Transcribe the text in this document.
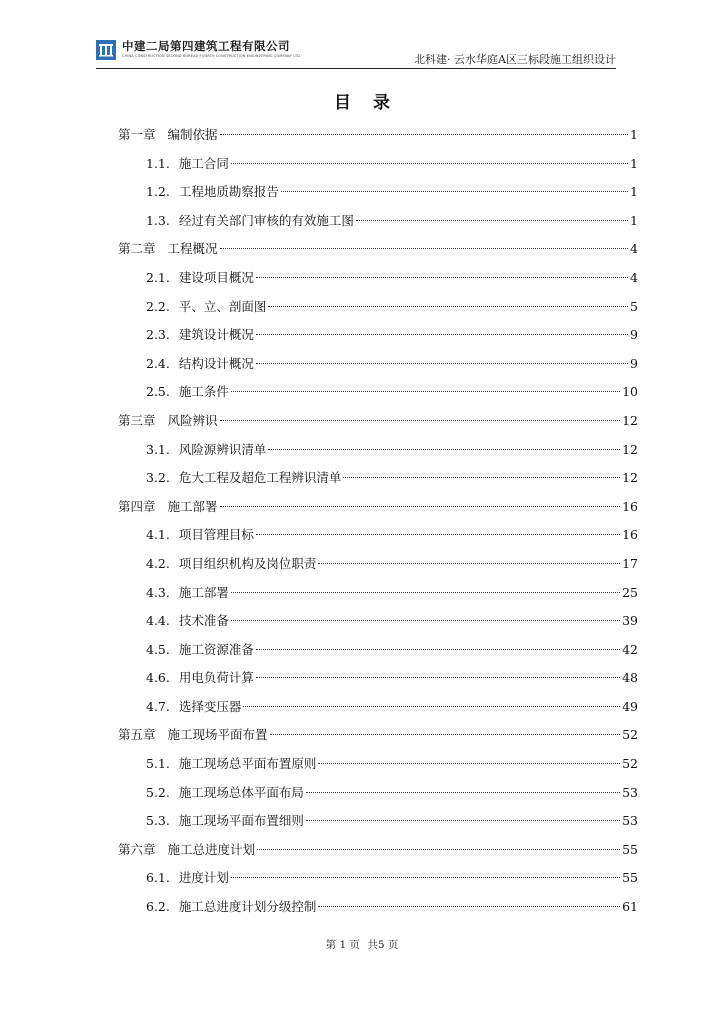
中建二局第四建筑工程有限公司
CHINA CONSTRUCTION SECOND BUREAU FOURTH CONSTRUCTION ENGINEERING COMPANY LTD.	北科建· 云水华庭A区三标段施工组织设计
目录
第一章 编制依据	1
1.1. 施工合同	1
1.2. 工程地质勘察报告	1
1.3. 经过有关部门审核的有效施工图	1
第二章 工程概况	4
2.1. 建设项目概况	4
2.2. 平、立、剖面图	5
2.3. 建筑设计概况	9
2.4. 结构设计概况	9
2.5. 施工条件	10
第三章 风险辨识	12
3.1. 风险源辨识清单	12
3.2. 危大工程及超危工程辨识清单	12
第四章 施工部署	16
4.1. 项目管理目标	16
4.2. 项目组织机构及岗位职责	17
4.3. 施工部署	25
4.4. 技术准备	39
4.5. 施工资源准备	42
4.6. 用电负荷计算	48
4.7. 选择变压器	49
第五章 施工现场平面布置	52
5.1. 施工现场总平面布置原则	52
5.2. 施工现场总体平面布局	53
5.3. 施工现场平面布置细则	53
第六章 施工总进度计划	55
6.1. 进度计划	55
6.2. 施工总进度计划分级控制	61
第 1 页 共5 页
